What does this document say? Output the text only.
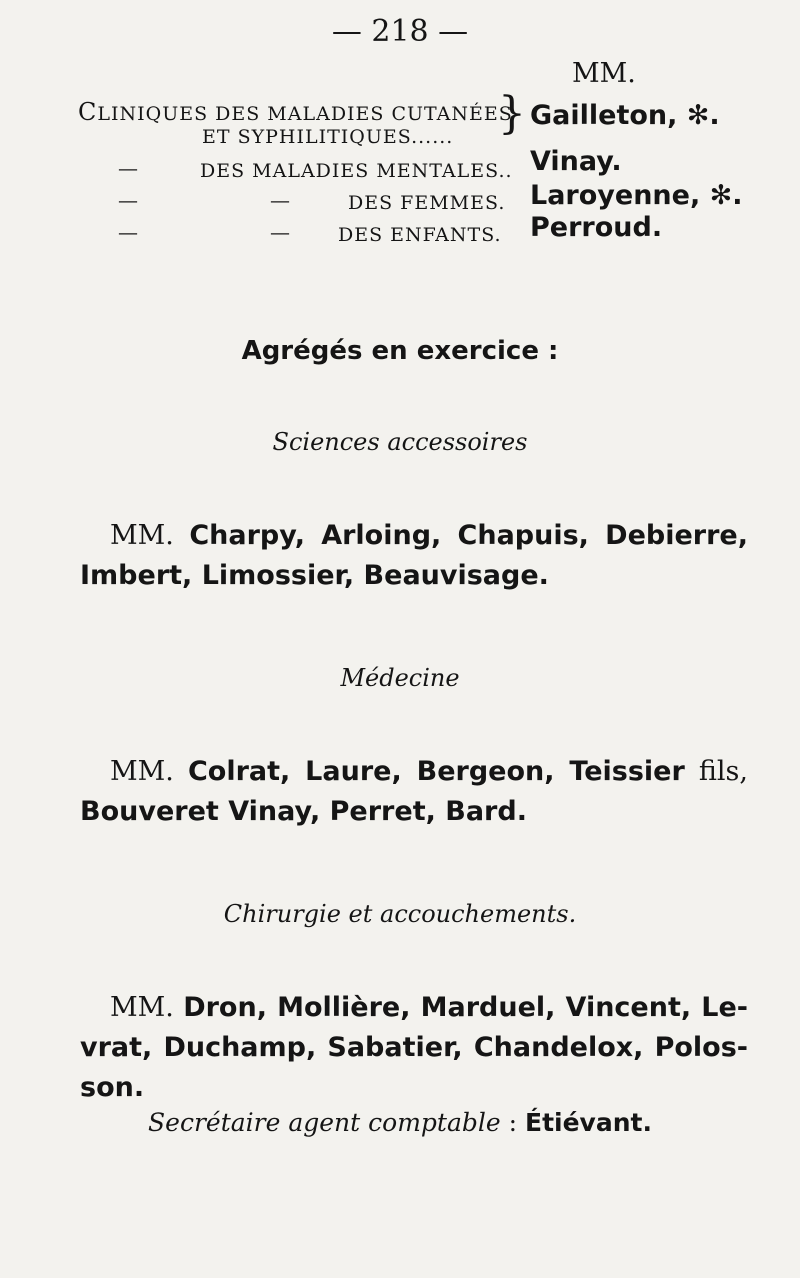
— 218 —
MM.
CLINIQUES DES MALADIES CUTANÉES
ET SYPHILITIQUES...... } Gailleton, ✻.
—	DES MALADIES MENTALES.. Vinay.
—	—	DES FEMMES. Laroyenne, ✻.
—	—	DES ENFANTS. Perroud.
Agrégés en exercice :
Sciences accessoires
MM. Charpy, Arloing, Chapuis, Debierre, Imbert, Limossier, Beauvisage.
Médecine
MM. Colrat, Laure, Bergeon, Teissier fils, Bouveret Vinay, Perret, Bard.
Chirurgie et accouchements.
MM. Dron, Mollière, Marduel, Vincent, Le-vrat, Duchamp, Sabatier, Chandelox, Polos-son.
Secrétaire agent comptable : Étiévant.
